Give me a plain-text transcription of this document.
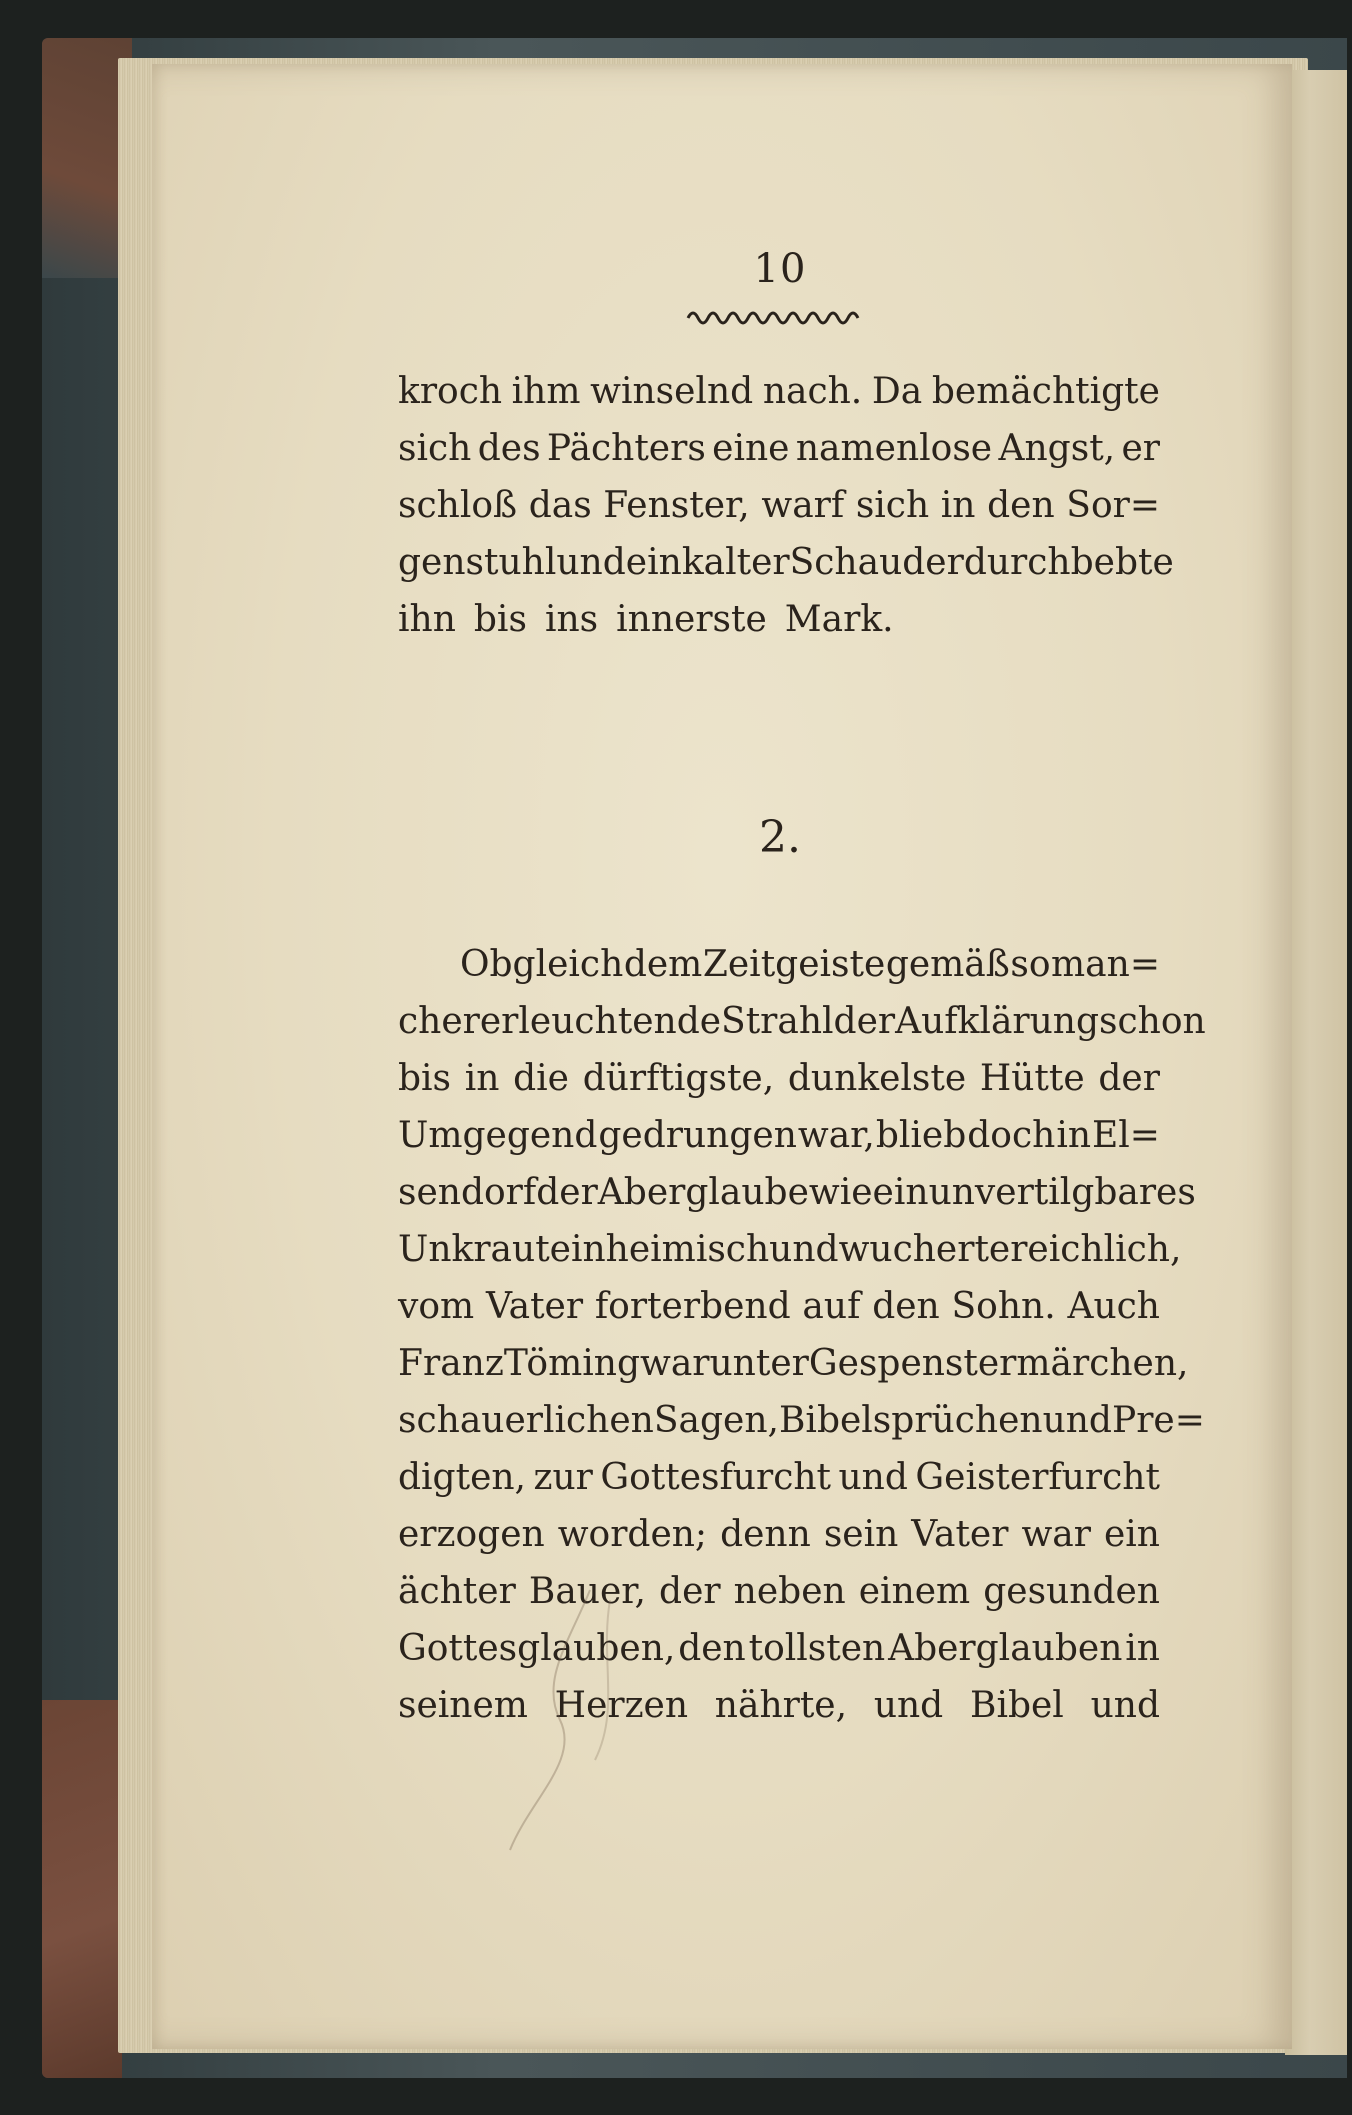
10
kroch ihm winselnd nach. Da bemächtigte
sich des Pächters eine namenlose Angst, er
schloß das Fenster, warf sich in den Sor=
genstuhl und ein kalter Schauder durchbebte
ihn bis ins innerste Mark.
2.
Obgleich dem Zeitgeiste gemäß so man=
cher erleuchtende Strahl der Aufklärung schon
bis in die dürftigste, dunkelste Hütte der
Umgegend gedrungen war, blieb doch in El=
sendorf der Aberglaube wie ein unvertilgbares
Unkraut einheimisch und wucherte reichlich,
vom Vater forterbend auf den Sohn. Auch
Franz Töming war unter Gespenstermärchen,
schauerlichen Sagen, Bibelsprüchen und Pre=
digten, zur Gottesfurcht und Geisterfurcht
erzogen worden; denn sein Vater war ein
ächter Bauer, der neben einem gesunden
Gottesglauben, den tollsten Aberglauben in
seinem Herzen nährte, und Bibel und
